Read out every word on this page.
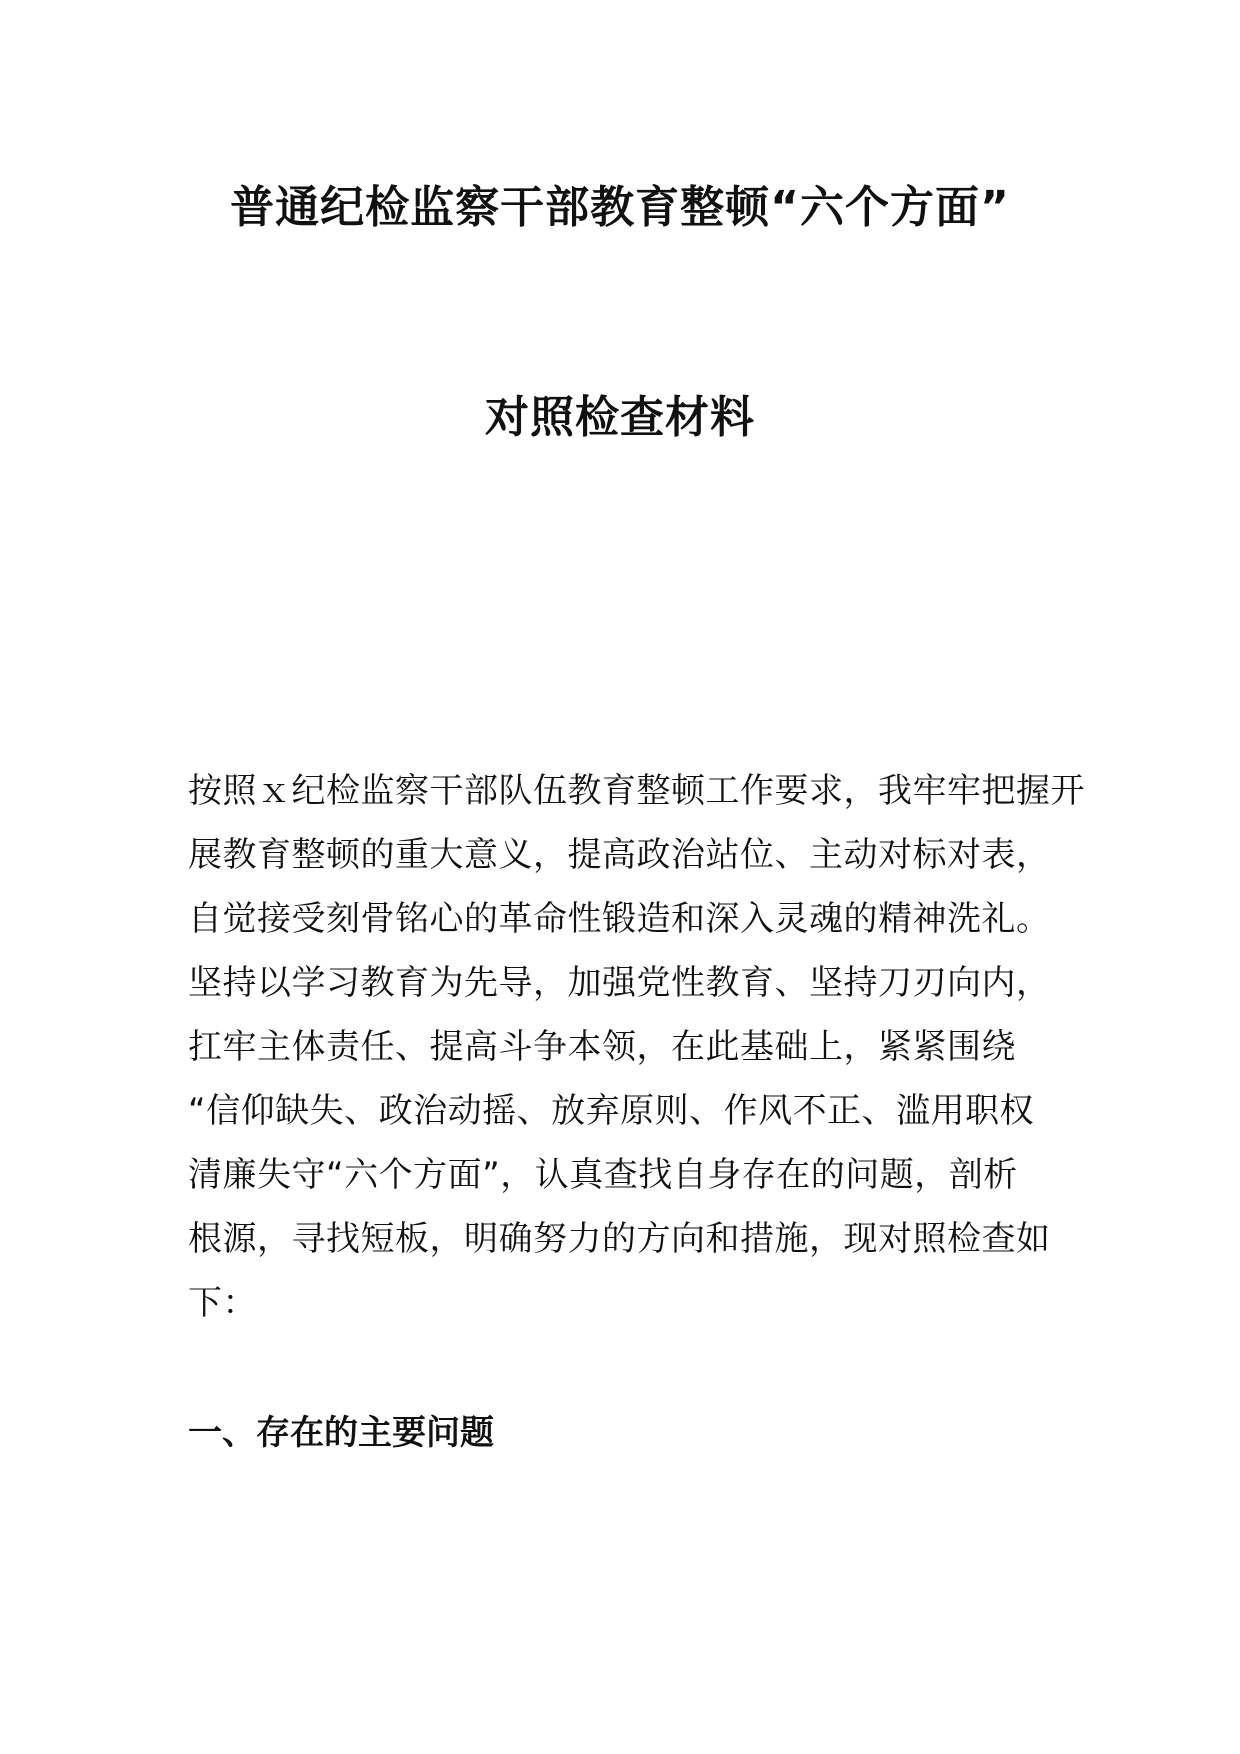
普通纪检监察干部教育整顿“六个方面”
对照检查材料

按照ｘ纪检监察干部队伍教育整顿工作要求，我牢牢把握开

展教育整顿的重大意义，提高政治站位、主动对标对表，

自觉接受刻骨铭心的革命性锻造和深入灵魂的精神洗礼。

坚持以学习教育为先导，加强党性教育、坚持刀刃向内，

扛牢主体责任、提高斗争本领，在此基础上，紧紧围绕

“信仰缺失、政治动摇、放弃原则、作风不正、滥用职权

清廉失守“六个方面”，认真查找自身存在的问题，剖析

根源，寻找短板，明确努力的方向和措施，现对照检查如

下：

一、存在的主要问题
